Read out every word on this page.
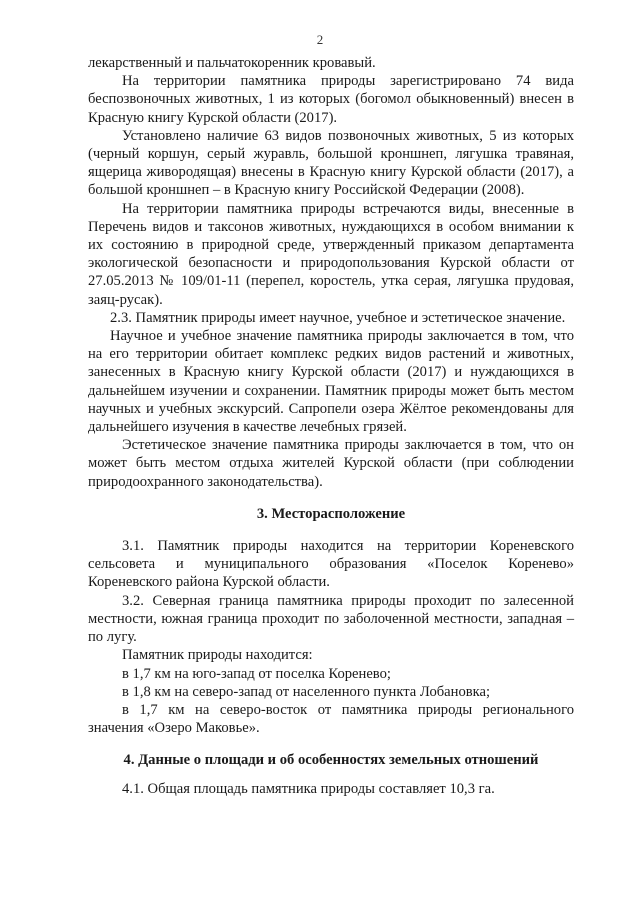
2

лекарственный и пальчатокоренник кровавый.

На территории памятника природы зарегистрировано 74 вида беспозвоночных животных, 1 из которых (богомол обыкновенный) внесен в Красную книгу Курской области (2017).

Установлено наличие 63 видов позвоночных животных, 5 из которых (черный коршун, серый журавль, большой кроншнеп, лягушка травяная, ящерица живородящая) внесены в Красную книгу Курской области (2017), а большой кроншнеп – в Красную книгу Российской Федерации (2008).

На территории памятника природы встречаются виды, внесенные в Перечень видов и таксонов животных, нуждающихся в особом внимании к их состоянию в природной среде, утвержденный приказом департамента экологической безопасности и природопользования Курской области от 27.05.2013 № 109/01-11 (перепел, коростель, утка серая, лягушка прудовая, заяц-русак).

2.3. Памятник природы имеет научное, учебное и эстетическое значение.

Научное и учебное значение памятника природы заключается в том, что на его территории обитает комплекс редких видов растений и животных, занесенных в Красную книгу Курской области (2017) и нуждающихся в дальнейшем изучении и сохранении. Памятник природы может быть местом научных и учебных экскурсий. Сапропели озера Жёлтое рекомендованы для дальнейшего изучения в качестве лечебных грязей.

Эстетическое значение памятника природы заключается в том, что он может быть местом отдыха жителей Курской области (при соблюдении природоохранного законодательства).

3. Месторасположение

3.1. Памятник природы находится на территории Кореневского сельсовета и муниципального образования «Поселок Коренево» Кореневского района Курской области.

3.2. Северная граница памятника природы проходит по залесенной местности, южная граница проходит по заболоченной местности, западная – по лугу.

Памятник природы находится:

в 1,7 км на юго-запад от поселка Коренево;

в 1,8 км на северо-запад от населенного пункта Лобановка;

в 1,7 км на северо-восток от памятника природы регионального значения «Озеро Маковье».

4. Данные о площади и об особенностях земельных отношений

4.1. Общая площадь памятника природы составляет 10,3 га.
